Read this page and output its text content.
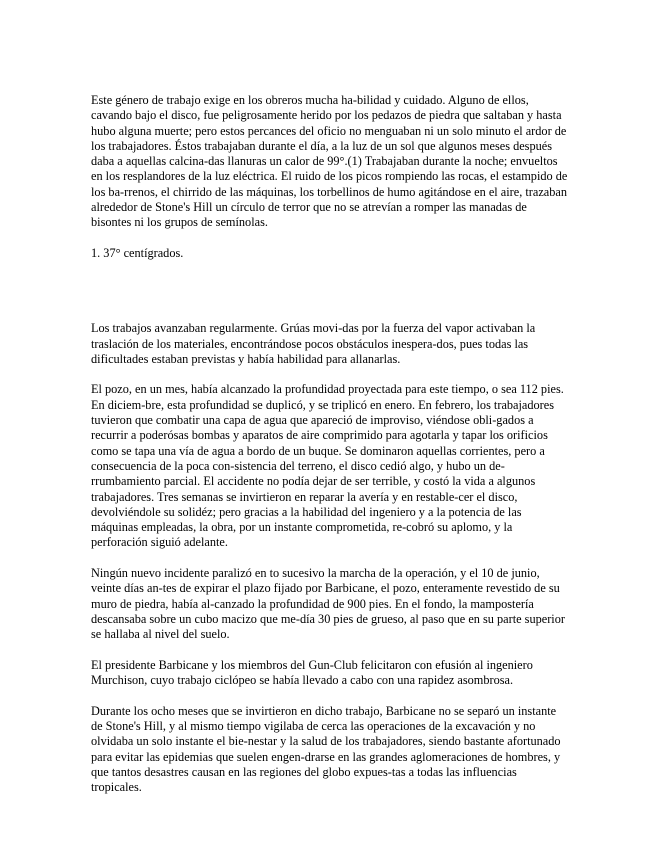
Este género de trabajo exige en los obreros mucha ha-bilidad y cuidado. Alguno de ellos, cavando bajo el disco, fue peligrosamente herido por los pedazos de piedra que saltaban y hasta hubo alguna muerte; pero estos percances del oficio no menguaban ni un solo minuto el ardor de los trabajadores. Éstos trabajaban durante el día, a la luz de un sol que algunos meses después daba a aquellas calcina-das llanuras un calor de 99°.(1) Trabajaban durante la noche; envueltos en los resplandores de la luz eléctrica. El ruido de los picos rompiendo las rocas, el estampido de los ba-rrenos, el chirrido de las máquinas, los torbellinos de humo agitándose en el aire, trazaban alrededor de Stone's Hill un círculo de terror que no se atrevían a romper las manadas de bisontes ni los grupos de semínolas.

1. 37° centígrados.

Los trabajos avanzaban regularmente. Grúas movi-das por la fuerza del vapor activaban la traslación de los materiales, encontrándose pocos obstáculos inespera-dos, pues todas las dificultades estaban previstas y había habilidad para allanarlas.

El pozo, en un mes, había alcanzado la profundidad proyectada para este tiempo, o sea 112 pies. En diciem-bre, esta profundidad se duplicó, y se triplicó en enero. En febrero, los trabajadores tuvieron que combatir una capa de agua que apareció de improviso, viéndose obli-gados a recurrir a poderósas bombas y aparatos de aire comprimido para agotarla y tapar los orificios como se tapa una vía de agua a bordo de un buque. Se dominaron aquellas corrientes, pero a consecuencia de la poca con-sistencia del terreno, el disco cedió algo, y hubo un de-rrumbamiento parcial. El accidente no podía dejar de ser terrible, y costó la vida a algunos trabajadores. Tres semanas se invirtieron en reparar la avería y en restable-cer el disco, devolviéndole su solidéz; pero gracias a la habilidad del ingeniero y a la potencia de las máquinas empleadas, la obra, por un instante comprometida, re-cobró su aplomo, y la perforación siguió adelante.

Ningún nuevo incidente paralizó en to sucesivo la marcha de la operación, y el 10 de junio, veinte días an-tes de expirar el plazo fijado por Barbicane, el pozo, enteramente revestido de su muro de piedra, había al-canzado la profundidad de 900 pies. En el fondo, la mampostería descansaba sobre un cubo macizo que me-día 30 pies de grueso, al paso que en su parte superior se hallaba al nivel del suelo.

El presidente Barbicane y los miembros del Gun-Club felicitaron con efusión al ingeniero Murchison, cuyo trabajo ciclópeo se había llevado a cabo con una rapidez asombrosa.

Durante los ocho meses que se invirtieron en dicho trabajo, Barbicane no se separó un instante de Stone's Hill, y al mismo tiempo vigilaba de cerca las operaciones de la excavación y no olvidaba un solo instante el bie-nestar y la salud de los trabajadores, siendo bastante afortunado para evitar las epidemias que suelen engen-drarse en las grandes aglomeraciones de hombres, y que tantos desastres causan en las regiones del globo expues-tas a todas las influencias tropicales.
